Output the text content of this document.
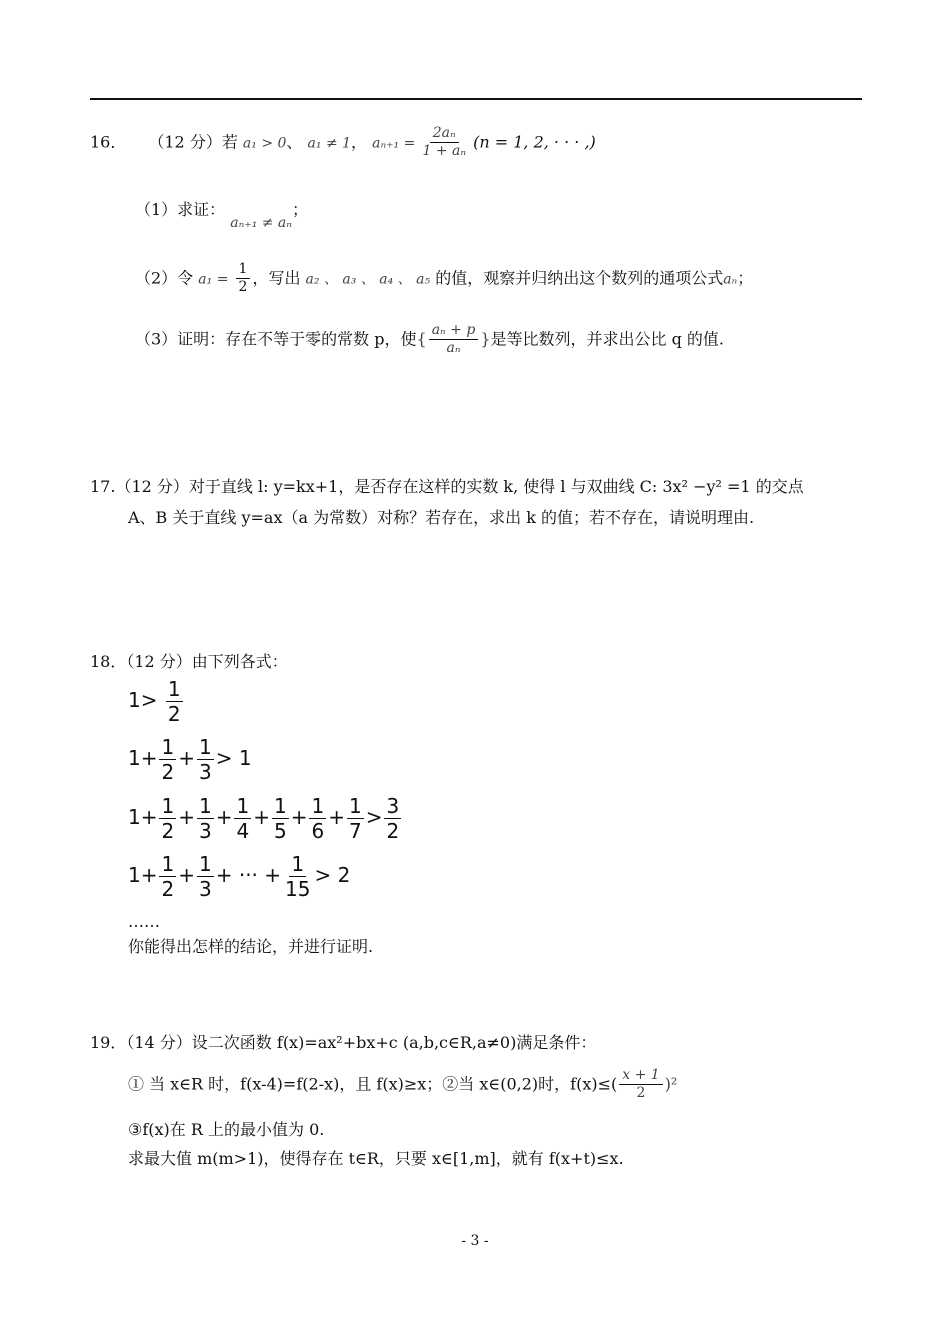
16． （12 分）若 a₁ > 0、 a₁ ≠ 1， $a_{n+1} = \frac{\text{2aₙ}}{\text{1 + aₙ}} (n = 1$, 2, · · · ,)
（1）求证： aₙ₊₁ ≠ aₙ；
（2）令 $a_1 = \frac{1}{2}$ ，写出 a₂ 、 a₃ 、 a₄ 、 a₅ 的值，观察并归纳出这个数列的通项公式aₙ；
（3）证明：存在不等于零的常数 p，使{ $\frac{\text{aₙ + p}}{\text{aₙ}}$ }是等比数列，并求出公比 q 的值.
17.（12 分）对于直线 l: y=kx+1，是否存在这样的实数 k, 使得 l 与双曲线 C: 3x² −y² =1 的交点
A、B 关于直线 y=ax（a 为常数）对称？若存在，求出 k 的值；若不存在，请说明理由.
18．（12 分）由下列各式：
$1> \frac{1}{2}$
$1+ \frac{1}{2} + \frac{1}{3} > 1$
$1+ \frac{1}{2} + \frac{1}{3} + \frac{1}{4} + \frac{1}{5} + \frac{1}{6} + \frac{1}{7} > \frac{3}{2}$
$1+ \frac{1}{2} + \frac{1}{3}$ + ··· + $\frac{1}{15} > 2$
……
你能得出怎样的结论，并进行证明.
19．（14 分）设二次函数 f(x)=ax²+bx+c (a,b,c∈R,a≠0)满足条件：
① 当 x∈R 时，f(x-4)=f(2-x)，且 f(x)≥x；②当 x∈(0,2)时，$f(x)\le( \frac{x + 1}{2} )^2$
③f(x)在 R 上的最小值为 0.
求最大值 m(m>1)，使得存在 t∈R，只要 x∈[1,m]，就有 f(x+t)≤x.
- 3 -
